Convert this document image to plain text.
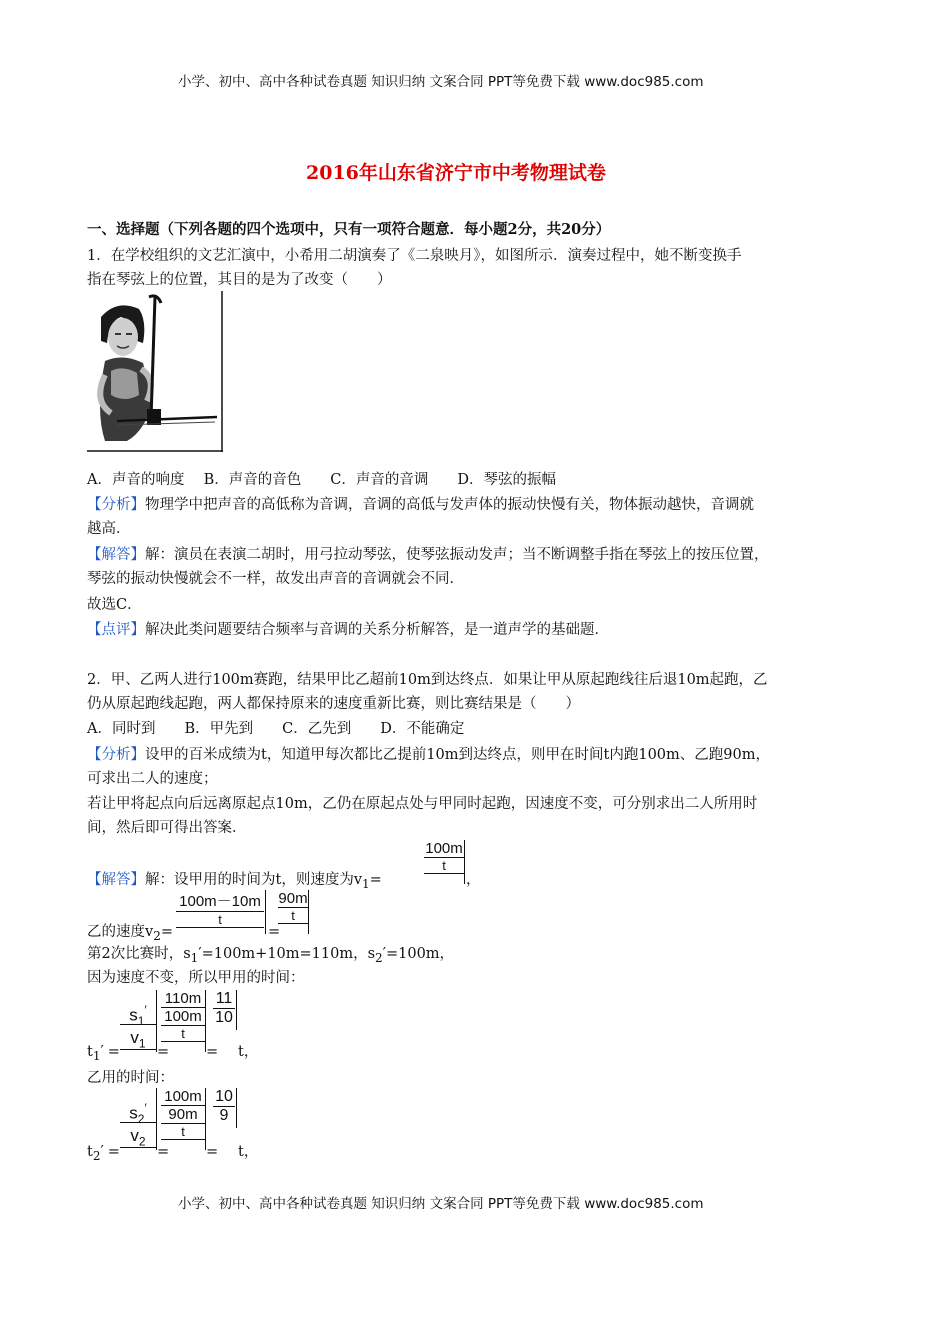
小学、初中、高中各种试卷真题 知识归纳 文案合同 PPT等免费下载 www.doc985.com
2016年山东省济宁市中考物理试卷
一、选择题（下列各题的四个选项中，只有一项符合题意．每小题2分，共20分）
1．在学校组织的文艺汇演中，小希用二胡演奏了《二泉映月》，如图所示．演奏过程中，她不断变换手
指在琴弦上的位置，其目的是为了改变（　　）
A．声音的响度　 B．声音的音色　　C．声音的音调　　D．琴弦的振幅
【分析】物理学中把声音的高低称为音调，音调的高低与发声体的振动快慢有关，物体振动越快，音调就
越高．
【解答】解：演员在表演二胡时，用弓拉动琴弦，使琴弦振动发声；当不断调整手指在琴弦上的按压位置，
琴弦的振动快慢就会不一样，故发出声音的音调就会不同．
故选C．
【点评】解决此类问题要结合频率与音调的关系分析解答，是一道声学的基础题．
2．甲、乙两人进行100m赛跑，结果甲比乙超前10m到达终点．如果让甲从原起跑线往后退10m起跑，乙
仍从原起跑线起跑，两人都保持原来的速度重新比赛，则比赛结果是（　　）
A．同时到　　B．甲先到　　C．乙先到　　D．不能确定
【分析】设甲的百米成绩为t，知道甲每次都比乙提前10m到达终点，则甲在时间t内跑100m、乙跑90m，
可求出二人的速度；
若让甲将起点向后远离原起点10m，乙仍在原起点处与甲同时起跑，因速度不变，可分别求出二人所用时
间，然后即可得出答案．
【解答】解：设甲用的时间为t，则速度为$v_1=$
$\frac{100m}{t}$
，
乙的速度$v_2=$
$\frac{100m-10m}{t}$
=
$\frac{90m}{t}$
第2次比赛时，$s_1'=100m+10m=110m$，$s_2'=100m$，
因为速度不变，所以甲用的时间：
$\frac{s_1'}{v_1} 110m$
100m
t
$\frac{11}{10}$
$t_1'$ =	=	= t，
乙用的时间：
$\frac{s_2'}{v_2} 100m$
90m
t
$\frac{10}{9}$
$t_2'$ =	=	= t，
小学、初中、高中各种试卷真题 知识归纳 文案合同 PPT等免费下载 www.doc985.com
